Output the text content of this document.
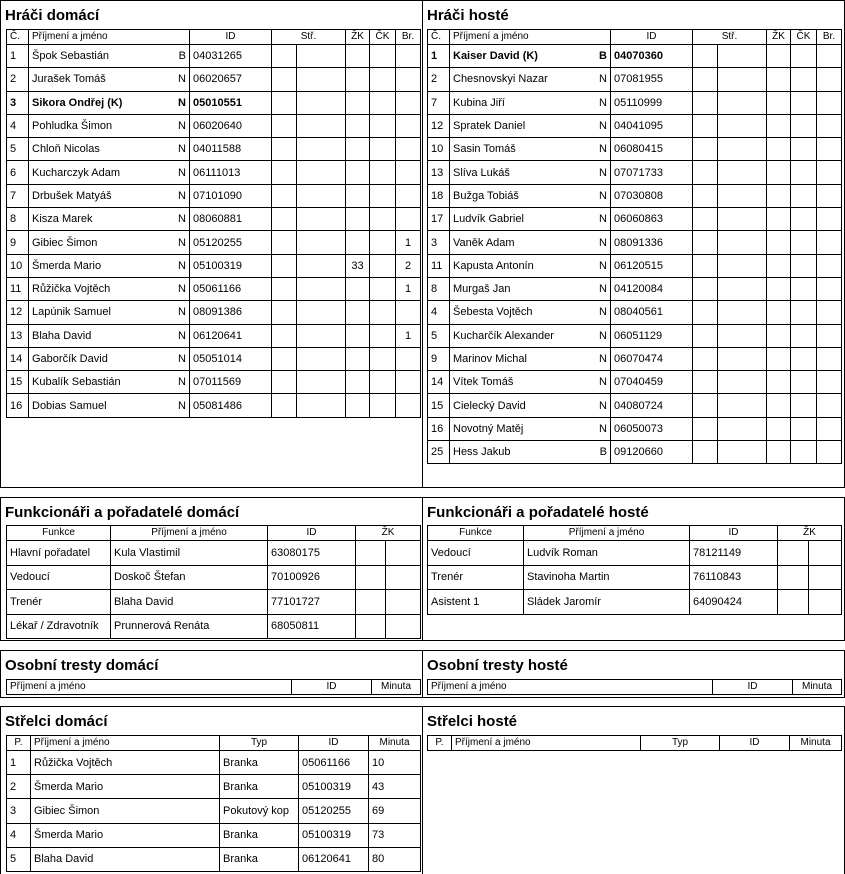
Hráči domácí
Č.	Příjmení a jméno		ID	Stř.		ŽK	ČK	Br.
1	Špok Sebastián	B	04031265					
2	Jurašek Tomáš	N	06020657					
3	Sikora Ondřej (K)	N	05010551					
4	Pohludka Šimon	N	06020640					
5	Chloň Nicolas	N	04011588					
6	Kucharczyk Adam	N	06111013					
7	Drbušek Matyáš	N	07101090					
8	Kisza Marek	N	08060881					
9	Gibiec Šimon	N	05120255					1
10	Šmerda Mario	N	05100319			33		2
11	Růžička Vojtěch	N	05061166					1
12	Lapúnik Samuel	N	08091386					
13	Blaha David	N	06120641					1
14	Gaborčík David	N	05051014					
15	Kubalík Sebastián	N	07011569					
16	Dobias Samuel	N	05081486					
Hráči hosté
Č.	Příjmení a jméno		ID	Stř.		ŽK	ČK	Br.
1	Kaiser David (K)	B	04070360					
2	Chesnovskyi Nazar	N	07081955					
7	Kubina Jiří	N	05110999					
12	Spratek Daniel	N	04041095					
10	Sasin Tomáš	N	06080415					
13	Slíva Lukáš	N	07071733					
18	Bužga Tobiáš	N	07030808					
17	Ludvík Gabriel	N	06060863					
3	Vaněk Adam	N	08091336					
11	Kapusta Antonín	N	06120515					
8	Murgaš Jan	N	04120084					
4	Šebesta Vojtěch	N	08040561					
5	Kucharčík Alexander	N	06051129					
9	Marinov Michal	N	06070474					
14	Vítek Tomáš	N	07040459					
15	Cielecký David	N	04080724					
16	Novotný Matěj	N	06050073					
25	Hess Jakub	B	09120660					
Funkcionáři a pořadatelé domácí
Funkce	Příjmení a jméno	ID	ŽK	
Hlavní pořadatel	Kula Vlastimil	63080175		
Vedoucí	Doskoč Štefan	70100926		
Trenér	Blaha David	77101727		
Lékař / Zdravotník	Prunnerová Renáta	68050811		
Funkcionáři a pořadatelé hosté
Funkce	Příjmení a jméno	ID	ŽK	
Vedoucí	Ludvík Roman	78121149		
Trenér	Stavinoha Martin	76110843		
Asistent 1	Sládek Jaromír	64090424		
Osobní tresty domácí
Příjmení a jméno	ID	Minuta
Osobní tresty hosté
Příjmení a jméno	ID	Minuta
Střelci domácí
P.	Příjmení a jméno	Typ	ID	Minuta
1	Růžička Vojtěch	Branka	05061166	10
2	Šmerda Mario	Branka	05100319	43
3	Gibiec Šimon	Pokutový kop	05120255	69
4	Šmerda Mario	Branka	05100319	73
5	Blaha David	Branka	06120641	80
Střelci hosté
P.	Příjmení a jméno	Typ	ID	Minuta
